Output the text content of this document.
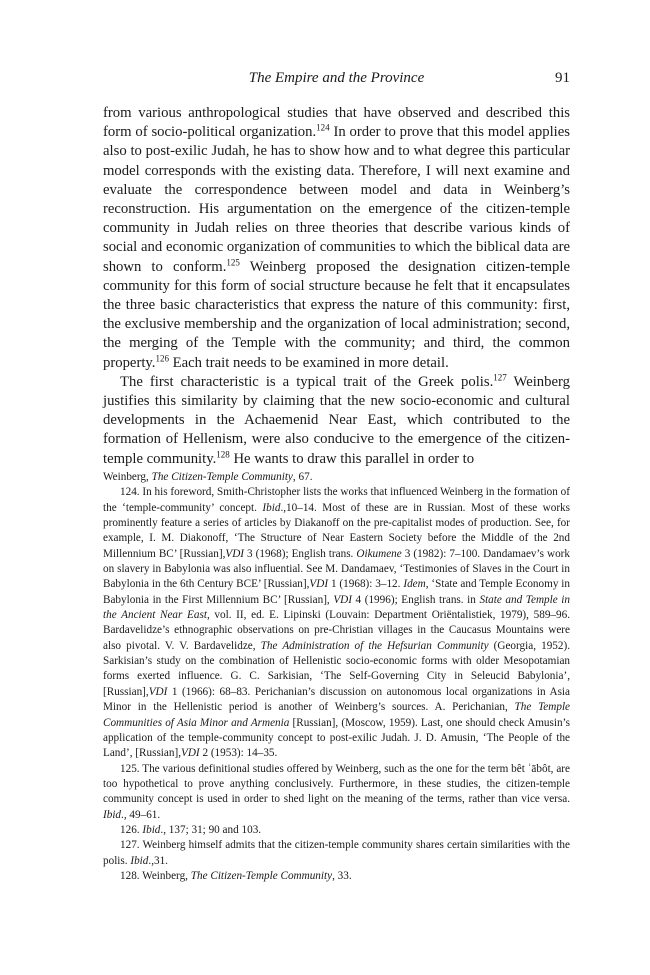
The Empire and the Province	91

from various anthropological studies that have observed and described this form of socio-political organization.$^{124}$ In order to prove that this model applies also to post-exilic Judah, he has to show how and to what degree this particular model corresponds with the existing data. Therefore, I will next examine and evaluate the correspondence between model and data in Weinberg’s reconstruction. His argumentation on the emergence of the citizen-temple community in Judah relies on three theories that describe various kinds of social and economic organization of communities to which the biblical data are shown to conform.$^{125}$ Weinberg proposed the designation citizen-temple community for this form of social structure because he felt that it encapsulates the three basic characteristics that express the nature of this community: first, the exclusive membership and the organization of local administration; second, the merging of the Temple with the community; and third, the common property.$^{126}$ Each trait needs to be examined in more detail.

The first characteristic is a typical trait of the Greek polis.$^{127}$ Weinberg justifies this similarity by claiming that the new socio-economic and cultural developments in the Achaemenid Near East, which contributed to the formation of Hellenism, were also conducive to the emergence of the citizen-temple community.$^{128}$ He wants to draw this parallel in order to

Weinberg, The Citizen-Temple Community, 67.

124. In his foreword, Smith-Christopher lists the works that influenced Weinberg in the formation of the ‘temple-community’ concept. Ibid.,10–14. Most of these are in Russian. Most of these works prominently feature a series of articles by Diakanoff on the pre-capitalist modes of production. See, for example, I. M. Diakonoff, ‘The Structure of Near Eastern Society before the Middle of the 2nd Millennium BC’ [Russian],VDI 3 (1968); English trans. Oikumene 3 (1982): 7–100. Dandamaev’s work on slavery in Babylonia was also influential. See M. Dandamaev, ‘Testimonies of Slaves in the Court in Babylonia in the 6th Century BCE’ [Russian],VDI 1 (1968): 3–12. Idem, ‘State and Temple Economy in Babylonia in the First Millennium BC’ [Russian], VDI 4 (1996); English trans. in State and Temple in the Ancient Near East, vol. II, ed. E. Lipinski (Louvain: Department Oriëntalistiek, 1979), 589–96. Bardavelidze’s ethnographic observations on pre-Christian villages in the Caucasus Mountains were also pivotal. V. V. Bardavelidze, The Administration of the Hefsurian Community (Georgia, 1952). Sarkisian’s study on the combination of Hellenistic socio-economic forms with older Mesopotamian forms exerted influence. G. C. Sarkisian, ‘The Self-Governing City in Seleucid Babylonia’, [Russian],VDI 1 (1966): 68–83. Perichanian’s discussion on autonomous local organizations in Asia Minor in the Hellenistic period is another of Weinberg’s sources. A. Perichanian, The Temple Communities of Asia Minor and Armenia [Russian], (Moscow, 1959). Last, one should check Amusin’s application of the temple-community concept to post-exilic Judah. J. D. Amusin, ‘The People of the Land’, [Russian],VDI 2 (1953): 14–35.

125. The various definitional studies offered by Weinberg, such as the one for the term bêt ʾābôt, are too hypothetical to prove anything conclusively. Furthermore, in these studies, the citizen-temple community concept is used in order to shed light on the meaning of the terms, rather than vice versa. Ibid., 49–61.

126. Ibid., 137; 31; 90 and 103.

127. Weinberg himself admits that the citizen-temple community shares certain similarities with the polis. Ibid.,31.

128. Weinberg, The Citizen-Temple Community, 33.
